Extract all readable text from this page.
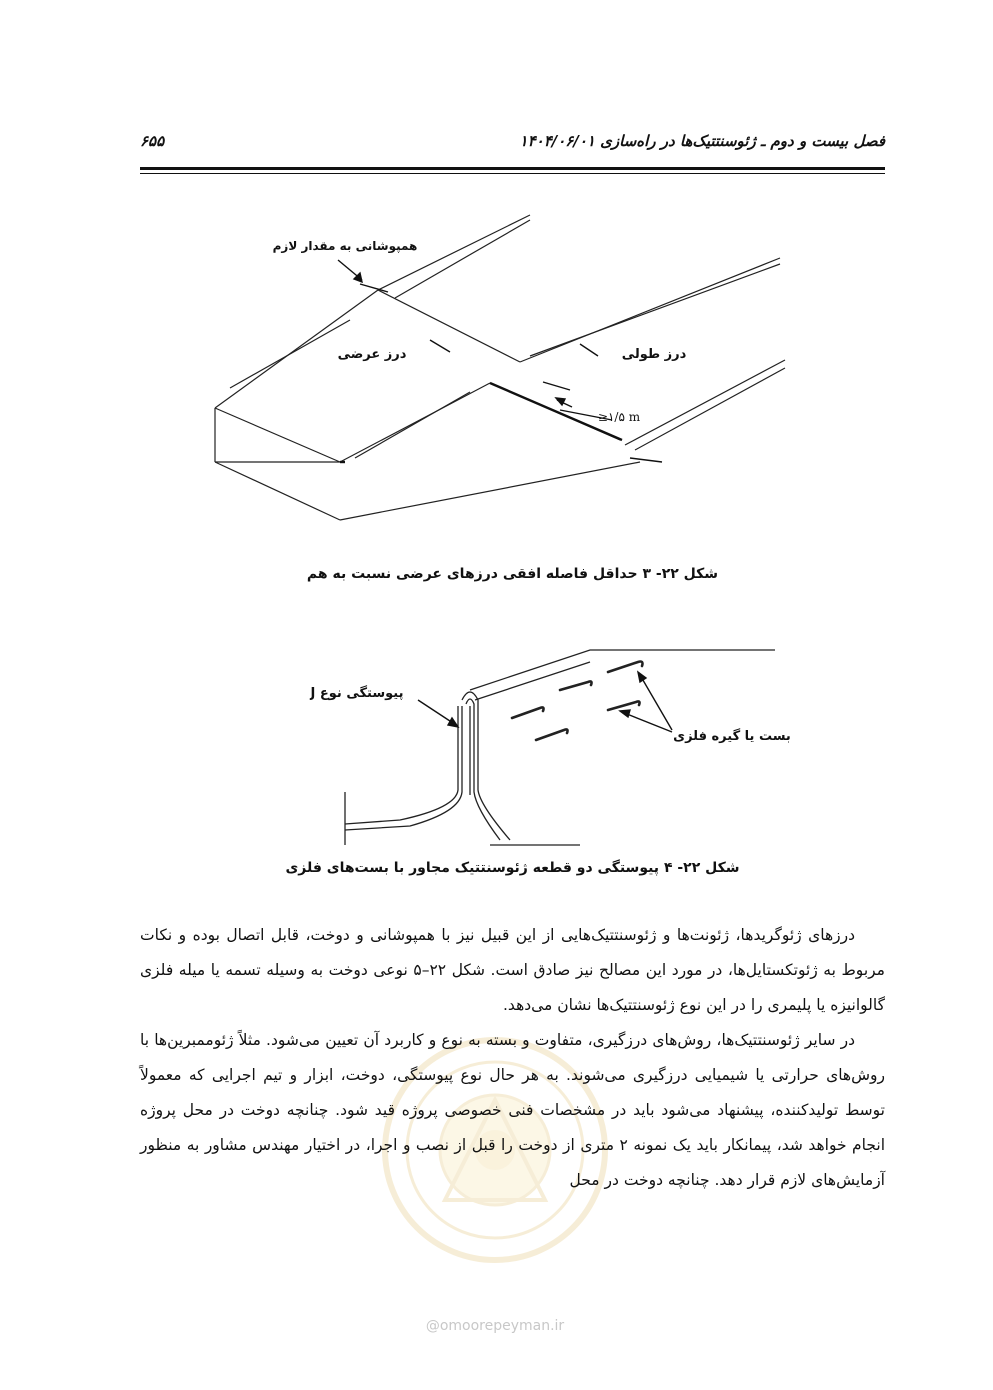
فصل بیست و دوم ـ ژئوسنتتیک‌ها در راه‌سازی ۱۴۰۴/۰۶/۰۱
۶۵۵
همپوشانی به مقدار لازم
درز عرضی	درز طولی
≥۱/۵ m
شکل ۲۲- ۳ حداقل فاصله افقی درزهای عرضی نسبت به هم
پیوستگی نوع J
بست یا گیره فلزی
شکل ۲۲- ۴ پیوستگی دو قطعه ژئوسنتتیک مجاور با بست‌های فلزی

درزهای ژئوگریدها، ژئونت‌ها و ژئوسنتتیک‌هایی از این قبیل نیز با همپوشانی و دوخت، قابل اتصال بوده و نکات مربوط به ژئوتکستایل‌ها، در مورد این مصالح نیز صادق است. شکل ۲۲–۵ نوعی دوخت به وسیله تسمه یا میله فلزی گالوانیزه یا پلیمری را در این نوع ژئوسنتتیک‌ها نشان می‌دهد.

در سایر ژئوسنتتیک‌ها، روش‌های درزگیری، متفاوت و بسته به نوع و کاربرد آن تعیین می‌شود. مثلاً ژئوممبرین‌ها با روش‌های حرارتی یا شیمیایی درزگیری می‌شوند. به هر حال نوع پیوستگی، دوخت، ابزار و تیم اجرایی که معمولاً توسط تولیدکننده، پیشنهاد می‌شود باید در مشخصات فنی خصوصی پروژه قید شود. چنانچه دوخت در محل پروژه انجام خواهد شد، پیمانکار باید یک نمونه ۲ متری از دوخت را قبل از نصب و اجرا، در اختیار مهندس مشاور به منظور آزمایش‌های لازم قرار دهد. چنانچه دوخت در محل

@omoorepeyman.ir
